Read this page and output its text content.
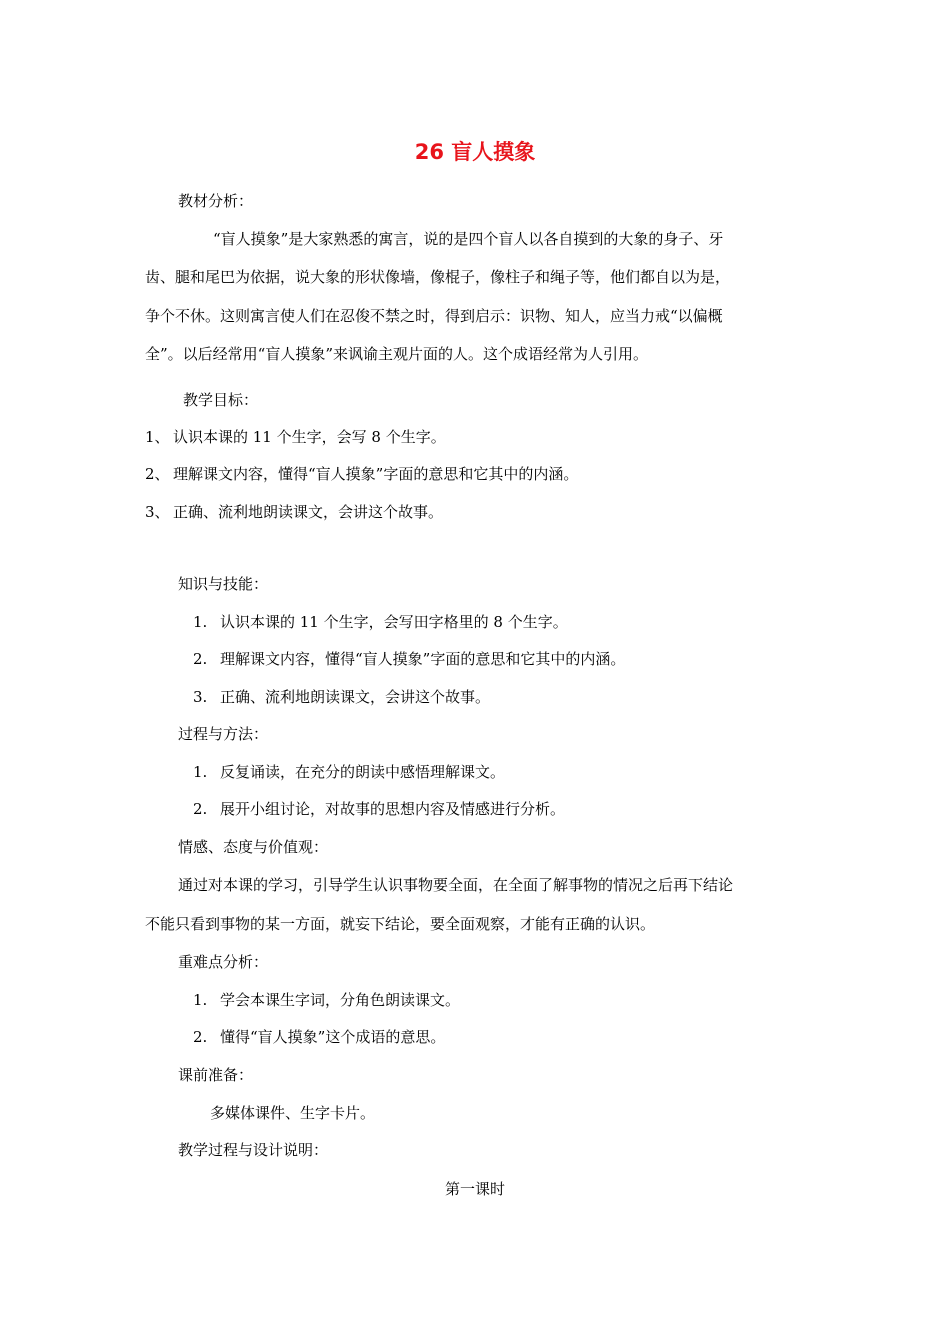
26 盲人摸象
教材分析：
“盲人摸象”是大家熟悉的寓言，说的是四个盲人以各自摸到的大象的身子、牙
齿、腿和尾巴为依据，说大象的形状像墙，像棍子，像柱子和绳子等，他们都自以为是，
争个不休。这则寓言使人们在忍俊不禁之时，得到启示：识物、知人，应当力戒“以偏概
全”。以后经常用“盲人摸象”来讽谕主观片面的人。这个成语经常为人引用。
教学目标：
1、 认识本课的 11 个生字，会写 8 个生字。
2、 理解课文内容，懂得“盲人摸象”字面的意思和它其中的内涵。
3、 正确、流利地朗读课文，会讲这个故事。
知识与技能：
1. 认识本课的 11 个生字，会写田字格里的 8 个生字。
2. 理解课文内容，懂得“盲人摸象”字面的意思和它其中的内涵。
3. 正确、流利地朗读课文，会讲这个故事。
过程与方法：
1. 反复诵读，在充分的朗读中感悟理解课文。
2. 展开小组讨论，对故事的思想内容及情感进行分析。
情感、态度与价值观：
通过对本课的学习，引导学生认识事物要全面，在全面了解事物的情况之后再下结论
不能只看到事物的某一方面，就妄下结论，要全面观察，才能有正确的认识。
重难点分析：
1. 学会本课生字词，分角色朗读课文。
2. 懂得“盲人摸象”这个成语的意思。
课前准备：
多媒体课件、生字卡片。
教学过程与设计说明：
第一课时
